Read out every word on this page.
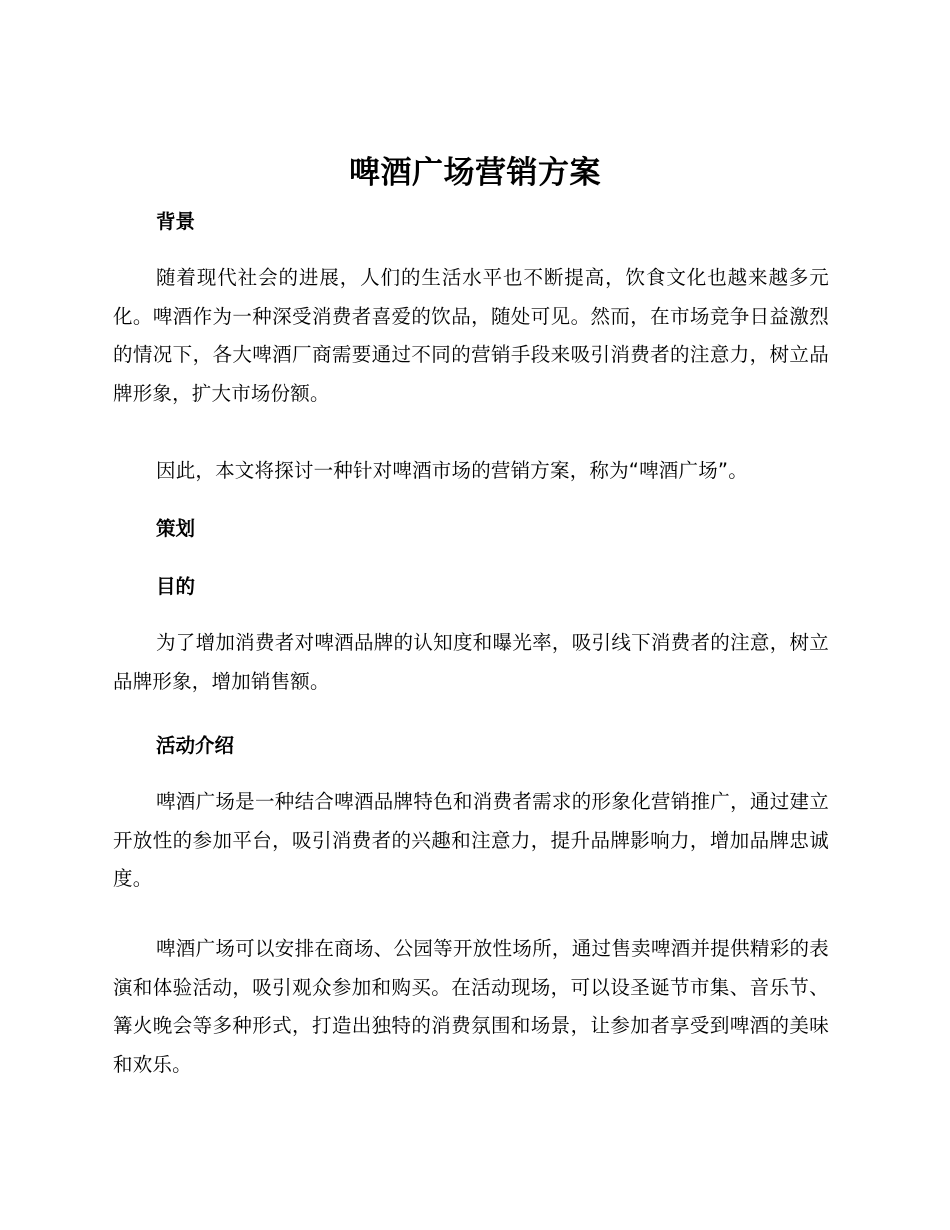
啤酒广场营销方案
背景

随着现代社会的进展，人们的生活水平也不断提高，饮食文化也越来越多元化。啤酒作为一种深受消费者喜爱的饮品，随处可见。然而，在市场竞争日益激烈的情况下，各大啤酒厂商需要通过不同的营销手段来吸引消费者的注意力，树立品牌形象，扩大市场份额。

因此，本文将探讨一种针对啤酒市场的营销方案，称为“啤酒广场”。

策划
目的

为了增加消费者对啤酒品牌的认知度和曝光率，吸引线下消费者的注意，树立品牌形象，增加销售额。

活动介绍

啤酒广场是一种结合啤酒品牌特色和消费者需求的形象化营销推广，通过建立开放性的参加平台，吸引消费者的兴趣和注意力，提升品牌影响力，增加品牌忠诚度。

啤酒广场可以安排在商场、公园等开放性场所，通过售卖啤酒并提供精彩的表演和体验活动，吸引观众参加和购买。在活动现场，可以设圣诞节市集、音乐节、篝火晚会等多种形式，打造出独特的消费氛围和场景，让参加者享受到啤酒的美味和欢乐。
